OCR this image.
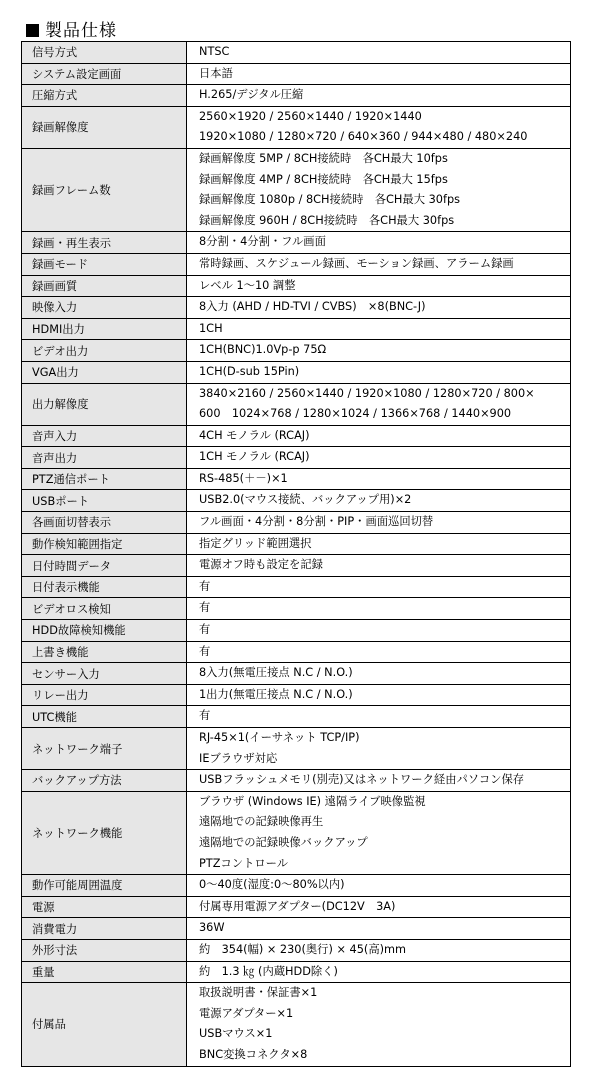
製品仕様
信号方式	NTSC

システム設定画面	日本語

圧縮方式	H.265/デジタル圧縮

録画解像度	2560×1920 / 2560×1440 / 1920×1440
1920×1080 / 1280×720 / 640×360 / 944×480 / 480×240

録画フレーム数	録画解像度 5MP / 8CH接続時　各CH最大 10fps
録画解像度 4MP / 8CH接続時　各CH最大 15fps
録画解像度 1080p / 8CH接続時　各CH最大 30fps
録画解像度 960H / 8CH接続時　各CH最大 30fps

録画・再生表示	8分割・4分割・フル画面

録画モード	常時録画、スケジュール録画、モーション録画、アラーム録画

録画画質	レベル 1～10 調整

映像入力	8入力 (AHD / HD-TVI / CVBS)　×8(BNC-J)

HDMI出力	1CH

ビデオ出力	1CH(BNC)1.0Vp-p 75Ω

VGA出力	1CH(D-sub 15Pin)

出力解像度	3840×2160 / 2560×1440 / 1920×1080 / 1280×720 / 800×
600　1024×768 / 1280×1024 / 1366×768 / 1440×900

音声入力	4CH モノラル (RCAJ)

音声出力	1CH モノラル (RCAJ)

PTZ通信ポート	RS-485(＋－)×1

USBポート	USB2.0(マウス接続、バックアップ用)×2

各画面切替表示	フル画面・4分割・8分割・PIP・画面巡回切替

動作検知範囲指定	指定グリッド範囲選択

日付時間データ	電源オフ時も設定を記録

日付表示機能	有

ビデオロス検知	有

HDD故障検知機能	有

上書き機能	有

センサー入力	8入力(無電圧接点 N.C / N.O.)

リレー出力	1出力(無電圧接点 N.C / N.O.)

UTC機能	有

ネットワーク端子	RJ-45×1(イーサネット TCP/IP)
IEブラウザ対応

バックアップ方法	USBフラッシュメモリ(別売)又はネットワーク経由パソコン保存

ネットワーク機能	ブラウザ (Windows IE) 遠隔ライブ映像監視
遠隔地での記録映像再生
遠隔地での記録映像バックアップ
PTZコントロール

動作可能周囲温度	0～40度(湿度:0～80%以内)

電源	付属専用電源アダプター(DC12V　3A)

消費電力	36W

外形寸法	約　354(幅) × 230(奥行) × 45(高)mm

重量	約　1.3 ㎏ (内蔵HDD除く)

付属品	取扱説明書・保証書×1
電源アダプター×1
USBマウス×1
BNC変換コネクタ×8
